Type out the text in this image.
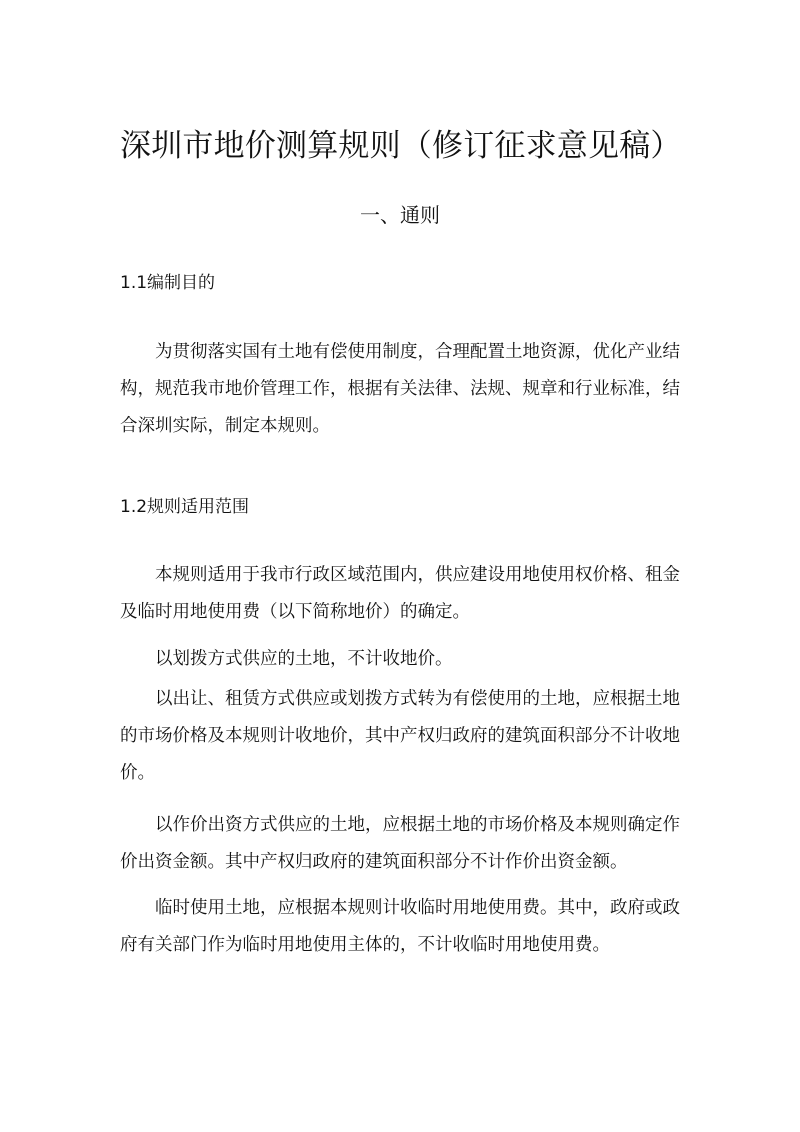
深圳市地价测算规则（修订征求意见稿）
一、通则
1.1编制目的

为贯彻落实国有土地有偿使用制度，合理配置土地资源，优化产业结构，规范我市地价管理工作，根据有关法律、法规、规章和行业标准，结合深圳实际，制定本规则。

1.2规则适用范围

本规则适用于我市行政区域范围内，供应建设用地使用权价格、租金及临时用地使用费（以下简称地价）的确定。

以划拨方式供应的土地，不计收地价。

以出让、租赁方式供应或划拨方式转为有偿使用的土地，应根据土地的市场价格及本规则计收地价，其中产权归政府的建筑面积部分不计收地价。

以作价出资方式供应的土地，应根据土地的市场价格及本规则确定作价出资金额。其中产权归政府的建筑面积部分不计作价出资金额。

临时使用土地，应根据本规则计收临时用地使用费。其中，政府或政府有关部门作为临时用地使用主体的，不计收临时用地使用费。
